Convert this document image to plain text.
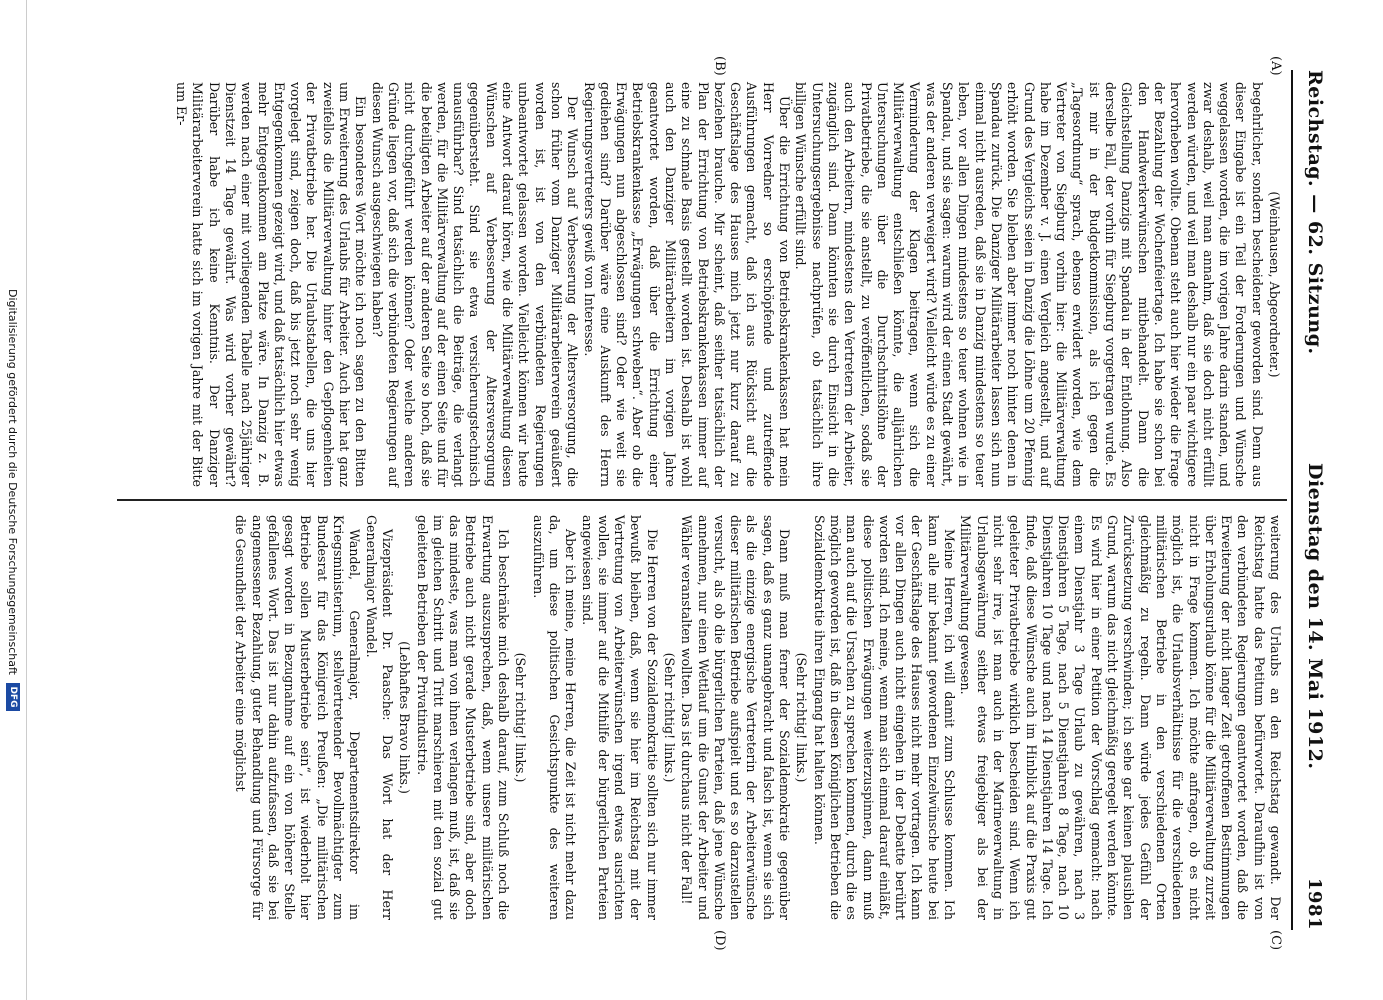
Reichstag. — 62. Sitzung.
Dienstag den 14. Mai 1912.
1981
(A)
(B)
(C)
(D)

(Weinhausen, Abgeordneter.)

begehrlicher, sondern bescheidener geworden sind. Denn aus dieser Eingabe ist ein Teil der Forderungen und Wünsche weggelassen worden, die im vorigen Jahre darin standen, und zwar deshalb, weil man annahm, daß sie doch nicht erfüllt werden würden, und weil man deshalb nur ein paar wichtigere hervorheben wollte. Obenan steht auch hier wieder die Frage der Bezahlung der Wochenfeiertage. Ich habe sie schon bei den Handwerkerwünschen mitbehandelt. Dann die Gleichstellung Danzigs mit Spandau in der Entlohnung. Also derselbe Fall, der vorhin für Siegburg vorgetragen wurde. Es ist mir in der Budgetkommission, als ich gegen die „Tagesordnung“ sprach, ebenso erwidert worden, wie dem Vertreter von Siegburg vorhin hier: die Militärverwaltung habe im Dezember v. J. einen Vergleich angestellt, und auf Grund des Vergleichs seien in Danzig die Löhne um 20 Pfennig erhöht worden. Sie bleiben aber immer noch hinter denen in Spandau zurück. Die Danziger Militärarbeiter lassen sich nun einmal nicht ausreden, daß sie in Danzig mindestens so teuer leben, vor allen Dingen mindestens so teuer wohnen wie in Spandau, und sie sagen: warum wird der einen Stadt gewährt, was der anderen verweigert wird? Vielleicht würde es zu einer Verminderung der Klagen beitragen, wenn sich die Militärverwaltung entschließen könnte, die alljährlichen Untersuchungen über die Durchschnittslöhne der Privatbetriebe, die sie anstellt, zu veröffentlichen, sodaß sie auch den Arbeitern, mindestens den Vertretern der Arbeiter, zugänglich sind. Dann könnten sie durch Einsicht in die Untersuchungsergebnisse nachprüfen, ob tatsächlich ihre billigen Wünsche erfüllt sind.

Über die Errichtung von Betriebskrankenkassen hat mein Herr Vorredner so erschöpfende und zutreffende Ausführungen gemacht, daß ich aus Rücksicht auf die Geschäftslage des Hauses mich jetzt nur kurz darauf zu beziehen brauche. Mir scheint, daß seither tatsächlich der Plan der Errichtung von Betriebskrankenkassen immer auf eine zu schmale Basis gestellt worden ist. Deshalb ist wohl auch den Danziger Militärarbeitern im vorigen Jahre geantwortet worden, daß über die Errichtung einer Betriebskrankenkasse „Erwägungen schweben“. Aber ob die Erwägungen nun abgeschlossen sind? Oder wie weit sie gediehen sind? Darüber wäre eine Auskunft des Herrn Regierungsvertreters gewiß von Interesse.

Der Wunsch auf Verbesserung der Altersversorgung, die schon früher vom Danziger Militärarbeiterverein geäußert worden ist, ist von den verbündeten Regierungen unbeantwortet gelassen worden. Vielleicht können wir heute eine Antwort darauf hören, wie die Militärverwaltung diesen Wünschen auf Verbesserung der Altersversorgung gegenübersteht. Sind sie etwa versicherungstechnisch unausführbar? Sind tatsächlich die Beiträge, die verlangt werden, für die Militärverwaltung auf der einen Seite und für die beteiligten Arbeiter auf der anderen Seite so hoch, daß sie nicht durchgeführt werden können? Oder welche anderen Gründe liegen vor, daß sich die verbündeten Regierungen auf diesen Wunsch ausgeschwiegen haben?

Ein besonderes Wort möchte ich noch sagen zu den Bitten um Erweiterung des Urlaubs für Arbeiter. Auch hier hat ganz zweifellos die Militärverwaltung hinter den Gepflogenheiten der Privatbetriebe her. Die Urlaubstabellen, die uns hier vorgelegt sind, zeigen doch, daß bis jetzt noch sehr wenig Entgegenkommen gezeigt wird, und daß tatsächlich hier etwas mehr Entgegenkommen am Platze wäre. In Danzig z. B. werden nach einer mit vorliegenden Tabelle nach 25jähriger Dienstzeit 14 Tage gewährt. Was wird vorher gewährt? Darüber habe ich keine Kenntnis. Der Danziger Militärarbeiterverein hatte sich im vorigen Jahre mit der Bitte um Er-

weiterung des Urlaubs an den Reichstag gewandt. Der Reichstag hatte das Petitum befürwortet. Daraufhin ist von den verbündeten Regierungen geantwortet worden, daß die Erweiterung der nicht langer Zeit getroffenen Bestimmungen über Erholungsurlaub könne für die Militärverwaltung zurzeit nicht in Frage kommen. Ich möchte anfragen, ob es nicht möglich ist, die Urlaubsverhältnisse für die verschiedenen militärischen Betriebe in den verschiedenen Orten gleichmäßig zu regeln. Dann würde jedes Gefühl der Zurücksetzung verschwinden; ich sehe gar keinen plausiblen Grund, warum das nicht gleichmäßig geregelt werden könnte. Es wird hier in einer Petition der Vorschlag gemacht: nach einem Dienstjahr 3 Tage Urlaub zu gewähren, nach 3 Dienstjahren 5 Tage, nach 5 Dienstjahren 8 Tage, nach 10 Dienstjahren 10 Tage und nach 14 Dienstjahren 14 Tage. Ich finde, daß diese Wünsche auch im Hinblick auf die Praxis gut geleiteter Privatbetriebe wirklich bescheiden sind. Wenn ich nicht sehr irre, ist man auch in der Marineverwaltung in Urlaubsgewährung seither etwas freigebiger als bei der Militärverwaltung gewesen.

Meine Herren, ich will damit zum Schlusse kommen. Ich kann alle mir bekannt gewordenen Einzelwünsche heute bei der Geschäftslage des Hauses nicht mehr vortragen. Ich kann vor allen Dingen auch nicht eingehen in der Debatte berührt worden sind. Ich meine, wenn man sich einmal darauf einläßt, diese politischen Erwägungen weiterzuspinnen, dann muß man auch auf die Ursachen zu sprechen kommen, durch die es möglich geworden ist, daß in diesen Königlichen Betrieben die Sozialdemokratie ihren Eingang hat halten können.

(Sehr richtig! links.)

Dann muß man ferner der Sozialdemokratie gegenüber sagen, daß es ganz unangebracht und falsch ist, wenn sie sich als die einzige energische Vertreterin der Arbeiterwünsche dieser militärischen Betriebe aufspielt und es so darzustellen versucht, als ob die bürgerlichen Parteien, daß jene Wünsche annehmen, nur einen Wettlauf um die Gunst der Arbeiter und Wähler veranstalten wollten. Das ist durchaus nicht der Fall!

(Sehr richtig! links.)

Die Herren von der Sozialdemokratie sollten sich nur immer bewußt bleiben, daß, wenn sie hier im Reichstag mit der Vertretung von Arbeiterwünschen irgend etwas ausrichten wollen, sie immer auf die Mithilfe der bürgerlichen Parteien angewiesen sind.

Aber ich meine, meine Herren, die Zeit ist nicht mehr dazu da, um diese politischen Gesichtspunkte des weiteren auszuführen.

(Sehr richtig! links.)

Ich beschränke mich deshalb darauf, zum Schluß noch die Erwartung auszusprechen, daß, wenn unsere militärischen Betriebe auch nicht gerade Musterbetriebe sind, aber doch das mindeste, was man von ihnen verlangen muß, ist, daß sie im gleichen Schritt und Tritt marschieren mit den sozial gut geleiteten Betrieben der Privatindustrie.

(Lebhaftes Bravo links.)

Vizepräsident Dr. Paasche: Das Wort hat der Herr Generalmajor Wandel.

Wandel, Generalmajor, Departementsdirektor im Kriegsministerium, stellvertretender Bevollmächtigter zum Bundesrat für das Königreich Preußen: „Die militärischen Betriebe sollen Musterbetriebe sein“, ist wiederholt hier gesagt worden in Bezugnahme auf ein von höherer Stelle gefallenes Wort. Das ist nur dahin aufzufassen, daß sie bei angemessener Bezahlung, guter Behandlung und Fürsorge für die Gesundheit der Arbeiter eine möglichst

Digitalisierung gefördert durch die Deutsche Forschungsgemeinschaft
DFG
